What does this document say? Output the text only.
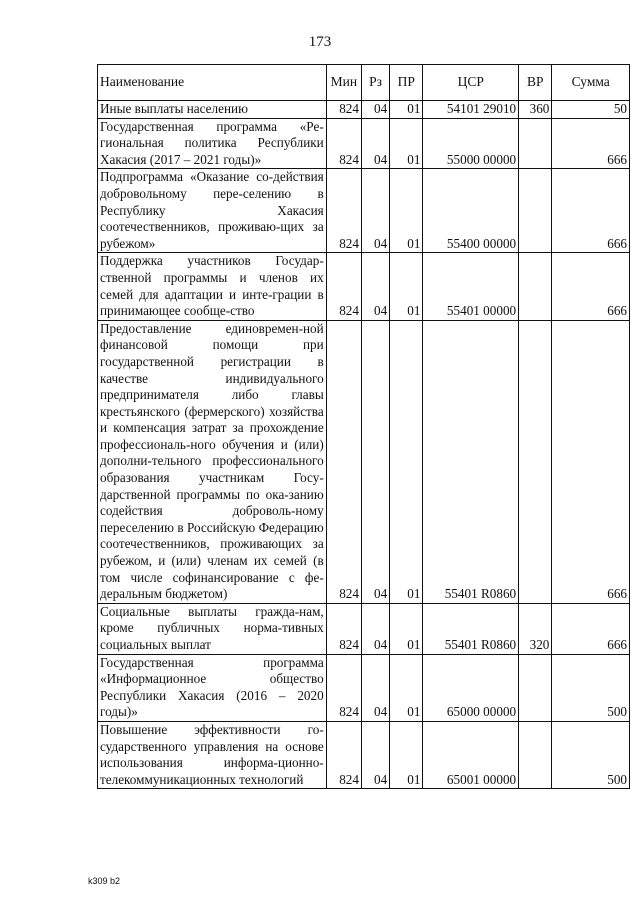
173
Наименование	Мин	Рз	ПР	ЦСР	ВР	Сумма
Иные выплаты населению	824	04	01	54101 29010	360	50
Государственная программа «Ре-гиональная политика Республики Хакасия (2017 – 2021 годы)»	824	04	01	55000 00000		666
Подпрограмма «Оказание со-действия добровольному пере-селению в Республику Хакасия соотечественников, проживаю-щих за рубежом»	824	04	01	55400 00000		666
Поддержка участников Государ-ственной программы и членов их семей для адаптации и инте-грации в принимающее сообще-ство	824	04	01	55401 00000		666
Предоставление единовремен-ной финансовой помощи при государственной регистрации в качестве индивидуального предпринимателя либо главы крестьянского (фермерского) хозяйства и компенсация затрат за прохождение профессиональ-ного обучения и (или) дополни-тельного профессионального образования участникам Госу-дарственной программы по ока-занию содействия доброволь-ному переселению в Российскую Федерацию соотечественников, проживающих за рубежом, и (или) членам их семей (в том числе софинансирование с фе-деральным бюджетом)	824	04	01	55401 R0860		666
Социальные выплаты гражда-нам, кроме публичных норма-тивных социальных выплат	824	04	01	55401 R0860	320	666
Государственная программа «Информационное общество Республики Хакасия (2016 – 2020 годы)»	824	04	01	65000 00000		500
Повышение эффективности го-сударственного управления на основе использования информа-ционно-телекоммуникационных технологий	824	04	01	65001 00000		500
k309 b2
